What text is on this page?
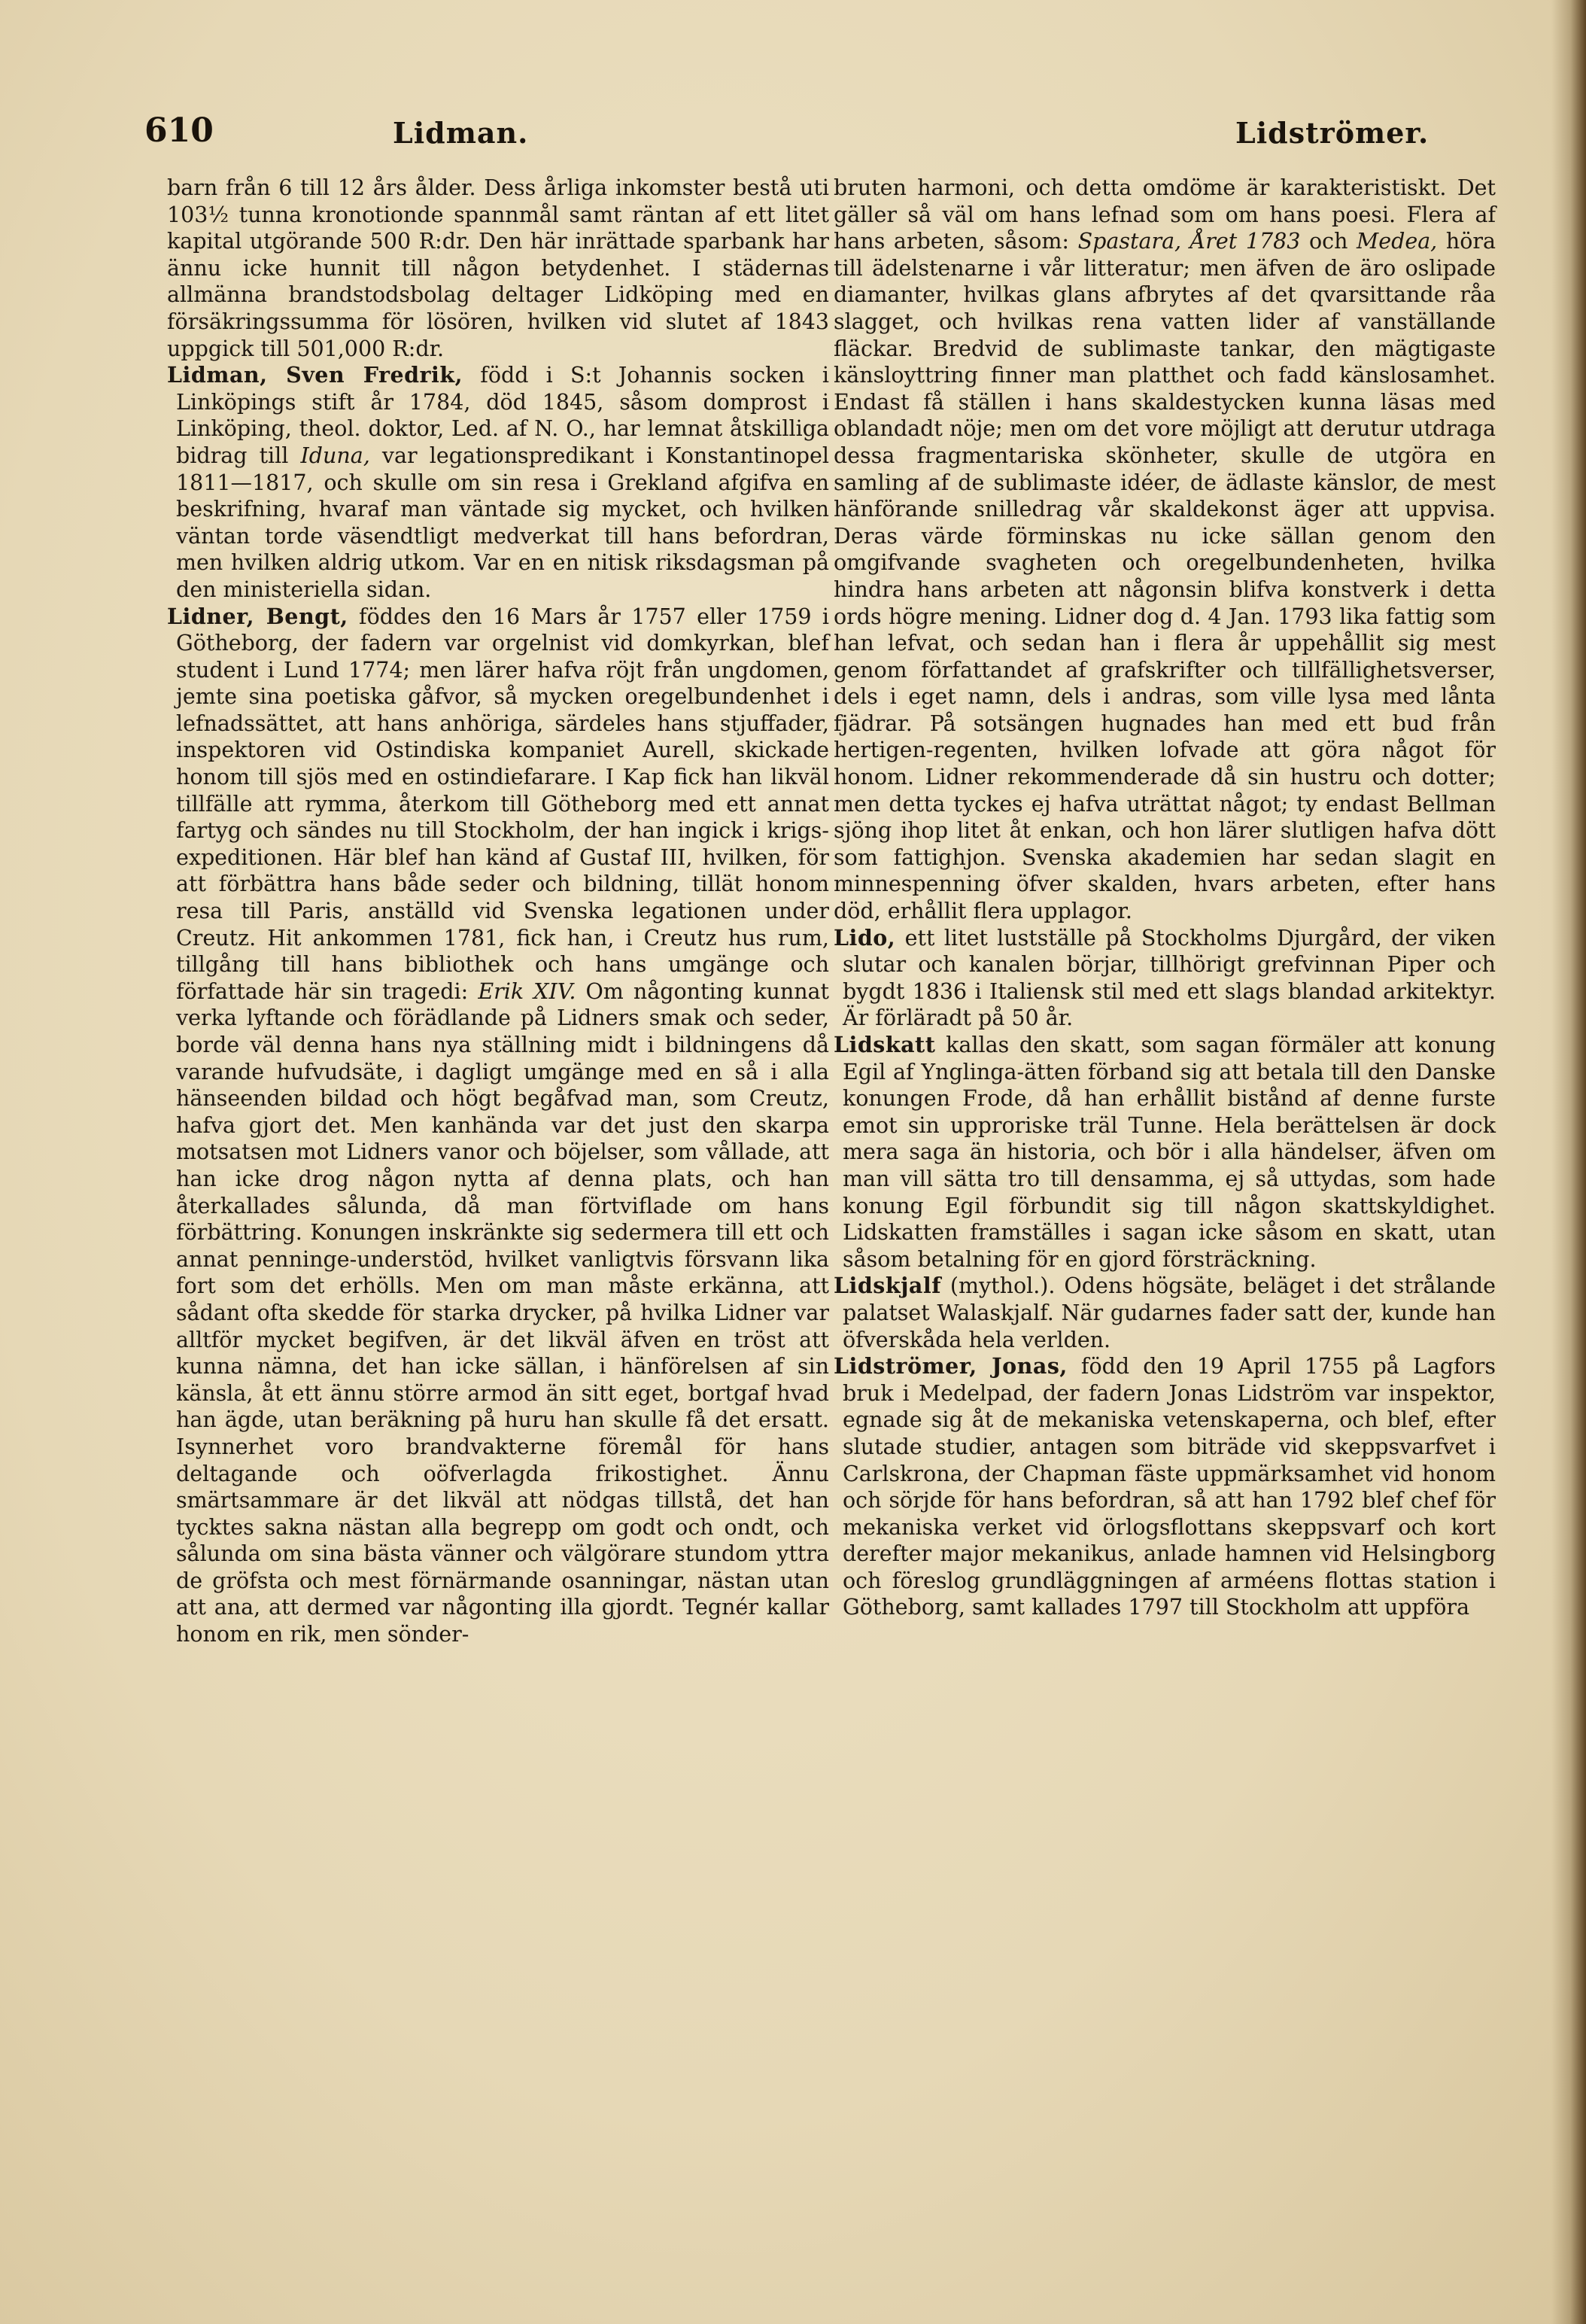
610	Lidman.	Lidströmer.

barn från 6 till 12 års ålder. Dess årliga inkomster bestå uti 103½ tunna kronotionde spannmål samt räntan af ett litet kapital utgörande 500 R:dr. Den här inrättade sparbank har ännu icke hunnit till någon betydenhet. I städernas allmänna brandstodsbolag deltager Lidköping med en försäkringssumma för lösören, hvilken vid slutet af 1843 uppgick till 501,000 R:dr.

Lidman, Sven Fredrik, född i S:t Johannis socken i Linköpings stift år 1784, död 1845, såsom domprost i Linköping, theol. doktor, Led. af N. O., har lemnat åtskilliga bidrag till Iduna, var legationspredikant i Konstantinopel 1811—1817, och skulle om sin resa i Grekland afgifva en beskrifning, hvaraf man väntade sig mycket, och hvilken väntan torde väsendtligt medverkat till hans befordran, men hvilken aldrig utkom. Var en en nitisk riksdagsman på den ministeriella sidan.

Lidner, Bengt, föddes den 16 Mars år 1757 eller 1759 i Götheborg, der fadern var orgelnist vid domkyrkan, blef student i Lund 1774; men lärer hafva röjt från ungdomen, jemte sina poetiska gåfvor, så mycken oregelbundenhet i lefnadssättet, att hans anhöriga, särdeles hans stjuffader, inspektoren vid Ostindiska kompaniet Aurell, skickade honom till sjös med en ostindiefarare. I Kap fick han likväl tillfälle att rymma, återkom till Götheborg med ett annat fartyg och sändes nu till Stockholm, der han ingick i krigs-expeditionen. Här blef han känd af Gustaf III, hvilken, för att förbättra hans både seder och bildning, tillät honom resa till Paris, anställd vid Svenska legationen under Creutz. Hit ankommen 1781, fick han, i Creutz hus rum, tillgång till hans bibliothek och hans umgänge och författade här sin tragedi: Erik XIV. Om någonting kunnat verka lyftande och förädlande på Lidners smak och seder, borde väl denna hans nya ställning midt i bildningens då varande hufvudsäte, i dagligt umgänge med en så i alla hänseenden bildad och högt begåfvad man, som Creutz, hafva gjort det. Men kanhända var det just den skarpa motsatsen mot Lidners vanor och böjelser, som vållade, att han icke drog någon nytta af denna plats, och han återkallades sålunda, då man förtviflade om hans förbättring. Konungen inskränkte sig sedermera till ett och annat penninge-understöd, hvilket vanligtvis försvann lika fort som det erhölls. Men om man måste erkänna, att sådant ofta skedde för starka drycker, på hvilka Lidner var alltför mycket begifven, är det likväl äfven en tröst att kunna nämna, det han icke sällan, i hänförelsen af sin känsla, åt ett ännu större armod än sitt eget, bortgaf hvad han ägde, utan beräkning på huru han skulle få det ersatt. Isynnerhet voro brandvakterne föremål för hans deltagande och oöfverlagda frikostighet. Ännu smärtsammare är det likväl att nödgas tillstå, det han tycktes sakna nästan alla begrepp om godt och ondt, och sålunda om sina bästa vänner och välgörare stundom yttra de gröfsta och mest förnärmande osanningar, nästan utan att ana, att dermed var någonting illa gjordt. Tegnér kallar honom en rik, men sönder-

bruten harmoni, och detta omdöme är karakteristiskt. Det gäller så väl om hans lefnad som om hans poesi. Flera af hans arbeten, såsom: Spastara, Året 1783 och Medea, höra till ädelstenarne i vår litteratur; men äfven de äro oslipade diamanter, hvilkas glans afbrytes af det qvarsittande råa slagget, och hvilkas rena vatten lider af vanställande fläckar. Bredvid de sublimaste tankar, den mägtigaste känsloyttring finner man platthet och fadd känslosamhet. Endast få ställen i hans skaldestycken kunna läsas med oblandadt nöje; men om det vore möjligt att derutur utdraga dessa fragmentariska skönheter, skulle de utgöra en samling af de sublimaste idéer, de ädlaste känslor, de mest hänförande snilledrag vår skaldekonst äger att uppvisa. Deras värde förminskas nu icke sällan genom den omgifvande svagheten och oregelbundenheten, hvilka hindra hans arbeten att någonsin blifva konstverk i detta ords högre mening. Lidner dog d. 4 Jan. 1793 lika fattig som han lefvat, och sedan han i flera år uppehållit sig mest genom författandet af grafskrifter och tillfällighetsverser, dels i eget namn, dels i andras, som ville lysa med lånta fjädrar. På sotsängen hugnades han med ett bud från hertigen-regenten, hvilken lofvade att göra något för honom. Lidner rekommenderade då sin hustru och dotter; men detta tyckes ej hafva uträttat något; ty endast Bellman sjöng ihop litet åt enkan, och hon lärer slutligen hafva dött som fattighjon. Svenska akademien har sedan slagit en minnespenning öfver skalden, hvars arbeten, efter hans död, erhållit flera upplagor.

Lido, ett litet lustställe på Stockholms Djurgård, der viken slutar och kanalen börjar, tillhörigt grefvinnan Piper och bygdt 1836 i Italiensk stil med ett slags blandad arkitektyr. Är förläradt på 50 år.

Lidskatt kallas den skatt, som sagan förmäler att konung Egil af Ynglinga-ätten förband sig att betala till den Danske konungen Frode, då han erhållit bistånd af denne furste emot sin upproriske träl Tunne. Hela berättelsen är dock mera saga än historia, och bör i alla händelser, äfven om man vill sätta tro till densamma, ej så uttydas, som hade konung Egil förbundit sig till någon skattskyldighet. Lidskatten framställes i sagan icke såsom en skatt, utan såsom betalning för en gjord försträckning.

Lidskjalf (mythol.). Odens högsäte, beläget i det strålande palatset Walaskjalf. När gudarnes fader satt der, kunde han öfverskåda hela verlden.

Lidströmer, Jonas, född den 19 April 1755 på Lagfors bruk i Medelpad, der fadern Jonas Lidström var inspektor, egnade sig åt de mekaniska vetenskaperna, och blef, efter slutade studier, antagen som biträde vid skeppsvarfvet i Carlskrona, der Chapman fäste uppmärksamhet vid honom och sörjde för hans befordran, så att han 1792 blef chef för mekaniska verket vid örlogsflottans skeppsvarf och kort derefter major mekanikus, anlade hamnen vid Helsingborg och föreslog grundläggningen af arméens flottas station i Götheborg, samt kallades 1797 till Stockholm att uppföra
